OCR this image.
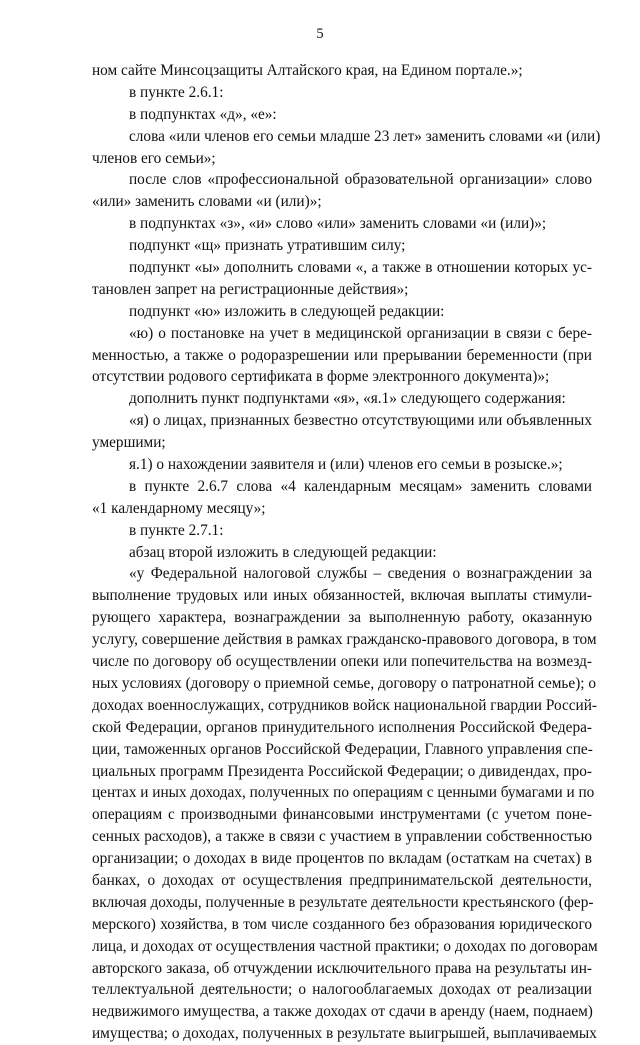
5
ном сайте Минсоцзащиты Алтайского края, на Едином портале.»;
в пункте 2.6.1:
в подпунктах «д», «е»:
слова «или членов его семьи младше 23 лет» заменить словами «и (или)
членов его семьи»;
после слов «профессиональной образовательной организации» слово
«или» заменить словами «и (или)»;
в подпунктах «з», «и» слово «или» заменить словами «и (или)»;
подпункт «щ» признать утратившим силу;
подпункт «ы» дополнить словами «, а также в отношении которых ус-
тановлен запрет на регистрационные действия»;
подпункт «ю» изложить в следующей редакции:
«ю) о постановке на учет в медицинской организации в связи с бере-
менностью, а также о родоразрешении или прерывании беременности (при
отсутствии родового сертификата в форме электронного документа)»;
дополнить пункт подпунктами «я», «я.1» следующего содержания:
«я) о лицах, признанных безвестно отсутствующими или объявленных
умершими;
я.1) о нахождении заявителя и (или) членов его семьи в розыске.»;
в пункте 2.6.7 слова «4 календарным месяцам» заменить словами
«1 календарному месяцу»;
в пункте 2.7.1:
абзац второй изложить в следующей редакции:
«у Федеральной налоговой службы – сведения о вознаграждении за
выполнение трудовых или иных обязанностей, включая выплаты стимули-
рующего характера, вознаграждении за выполненную работу, оказанную
услугу, совершение действия в рамках гражданско-правового договора, в том
числе по договору об осуществлении опеки или попечительства на возмезд-
ных условиях (договору о приемной семье, договору о патронатной семье); о
доходах военнослужащих, сотрудников войск национальной гвардии Россий-
ской Федерации, органов принудительного исполнения Российской Федера-
ции, таможенных органов Российской Федерации, Главного управления спе-
циальных программ Президента Российской Федерации; о дивидендах, про-
центах и иных доходах, полученных по операциям с ценными бумагами и по
операциям с производными финансовыми инструментами (с учетом поне-
сенных расходов), а также в связи с участием в управлении собственностью
организации; о доходах в виде процентов по вкладам (остаткам на счетах) в
банках, о доходах от осуществления предпринимательской деятельности,
включая доходы, полученные в результате деятельности крестьянского (фер-
мерского) хозяйства, в том числе созданного без образования юридического
лица, и доходах от осуществления частной практики; о доходах по договорам
авторского заказа, об отчуждении исключительного права на результаты ин-
теллектуальной деятельности; о налогооблагаемых доходах от реализации
недвижимого имущества, а также доходах от сдачи в аренду (наем, поднаем)
имущества; о доходах, полученных в результате выигрышей, выплачиваемых
